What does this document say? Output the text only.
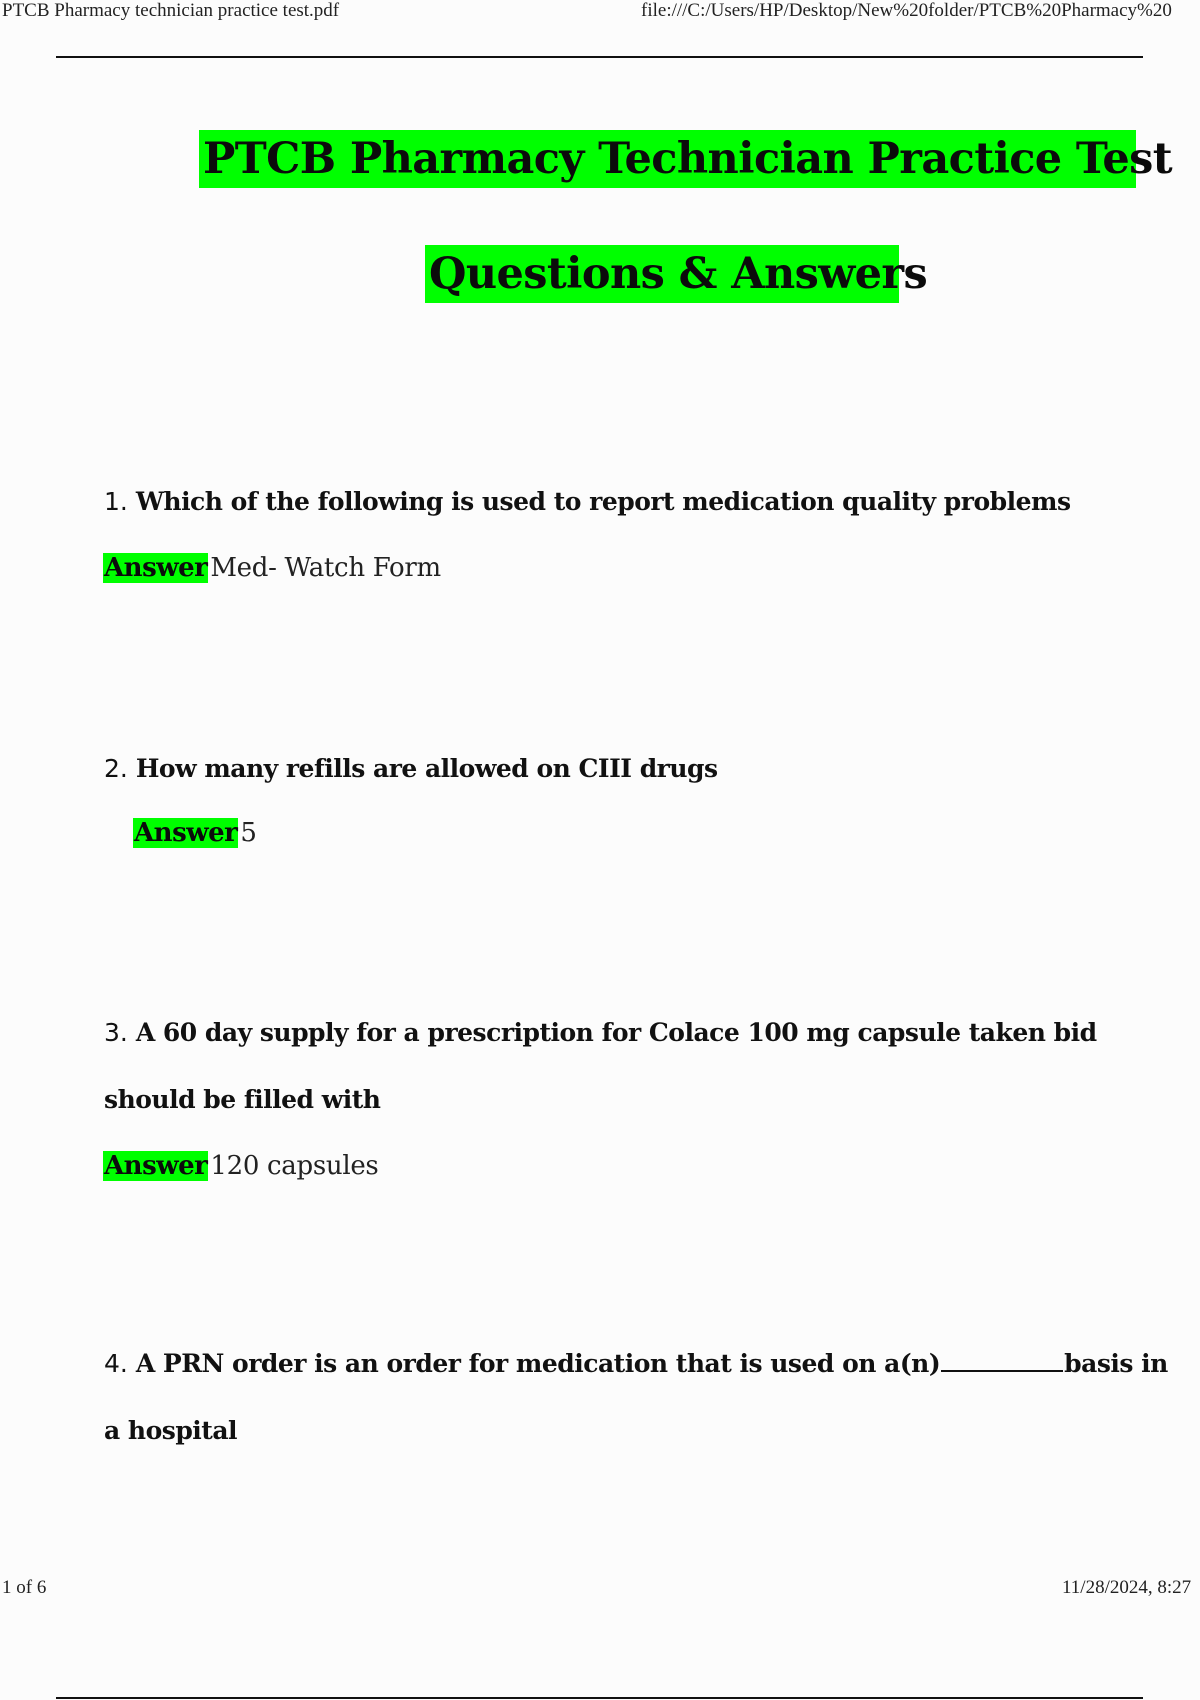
PTCB Pharmacy technician practice test.pdf	file:///C:/Users/HP/Desktop/New%20folder/PTCB%20Pharmacy%20
PTCB Pharmacy Technician Practice Test
Questions & Answers
1. Which of the following is used to report medication quality problems
Answer Med- Watch Form
2. How many refills are allowed on CIII drugs
Answer 5
3. A 60 day supply for a prescription for Colace 100 mg capsule taken bid
should be filled with
Answer 120 capsules
4. A PRN order is an order for medication that is used on a(n)	basis in
a hospital
1 of 6	11/28/2024, 8:27
